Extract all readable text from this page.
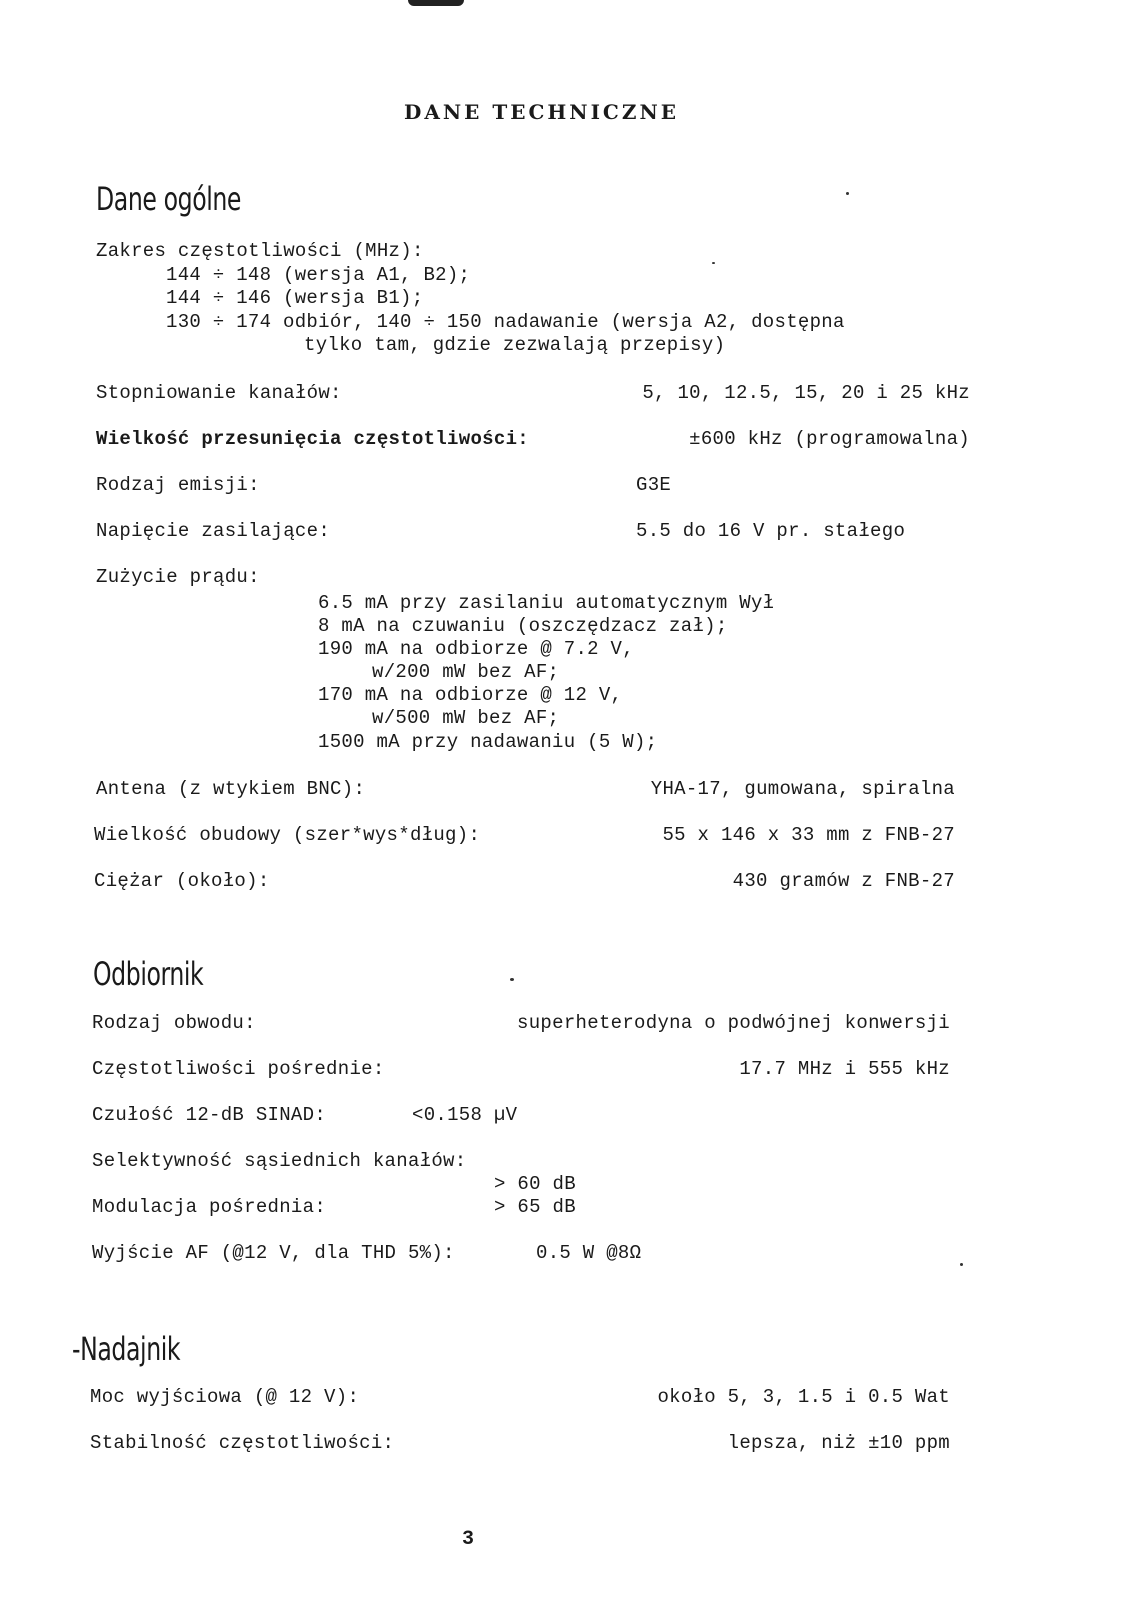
DANE TECHNICZNE
Dane ogólne
Zakres częstotliwości (MHz):
144 ÷ 148 (wersja A1, B2);
144 ÷ 146 (wersja B1);
130 ÷ 174 odbiór, 140 ÷ 150 nadawanie (wersja A2, dostępna
tylko tam, gdzie zezwalają przepisy)
Stopniowanie kanałów:	5, 10, 12.5, 15, 20 i 25 kHz
Wielkość przesunięcia częstotliwości:	±600 kHz (programowalna)
Rodzaj emisji:	G3E
Napięcie zasilające:	5.5 do 16 V pr. stałego
Zużycie prądu:
6.5 mA przy zasilaniu automatycznym Wył
8 mA na czuwaniu (oszczędzacz zał);
190 mA na odbiorze @ 7.2 V,
w/200 mW bez AF;
170 mA na odbiorze @ 12 V,
w/500 mW bez AF;
1500 mA przy nadawaniu (5 W);
Antena (z wtykiem BNC):	YHA-17, gumowana, spiralna
Wielkość obudowy (szer*wys*dług):	55 x 146 x 33 mm z FNB-27
Ciężar (około):	430 gramów z FNB-27
Odbiornik
Rodzaj obwodu:	superheterodyna o podwójnej konwersji
Częstotliwości pośrednie:	17.7 MHz i 555 kHz
Czułość 12-dB SINAD:	<0.158 µV
Selektywność sąsiednich kanałów:
> 60 dB
Modulacja pośrednia:	> 65 dB
Wyjście AF (@12 V, dla THD 5%):	0.5 W @8Ω
-Nadajnik
Moc wyjściowa (@ 12 V):	około 5, 3, 1.5 i 0.5 Wat
Stabilność częstotliwości:	lepsza, niż ±10 ppm
3
